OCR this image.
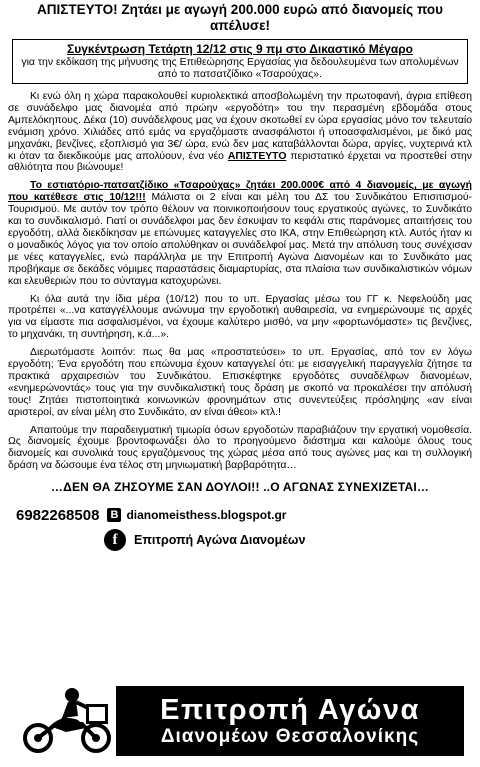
ΑΠΙΣΤΕΥΤΟ! Ζητάει με αγωγή 200.000 ευρώ από διανομείς που απέλυσε!
Συγκέντρωση Τετάρτη 12/12 στις 9 πμ στο Δικαστικό Μέγαρο
για την εκδίκαση της μήνυσης της Επιθεώρησης Εργασίας για δεδουλευμένα των απολυμένων από το πατσατζίδικο «Τσαρούχας».

Κι ενώ όλη η χώρα παρακολουθεί κυριολεκτικά αποσβολωμένη την πρωτοφανή, άγρια επίθεση σε συνάδελφο μας διανομέα από πρώην «εργοδότη» του την περασμένη εβδομάδα στους Αμπελόκηπους. Δέκα (10) συνάδελφους μας να έχουν σκοτωθεί εν ώρα εργασίας μόνο τον τελευταίο ενάμιση χρόνο. Χιλιάδες από εμάς να εργαζόμαστε ανασφάλιστοι ή υποασφαλισμένοι, με δικό μας μηχανάκι, βενζίνες, εξοπλισμό για 3€/ ώρα, ενώ δεν μας καταβάλλονται δώρα, αργίες, νυχτερινά κτλ κι όταν τα διεκδικούμε μας απολύουν, ένα νέο ΑΠΙΣΤΕΥΤΟ περιστατικό έρχεται να προστεθεί στην αθλιότητα που βιώνουμε!

Το εστιατόριο-πατσατζίδικο «Τσαρούχας» ζητάει 200.000€ από 4 διανομείς, με αγωγή που κατέθεσε στις 10/12!!! Μάλιστα οι 2 είναι και μέλη του ΔΣ του Συνδικάτου Επισιτισμού-Τουρισμού. Με αυτόν τον τρόπο θέλουν να ποινικοποιήσουν τους εργατικούς αγώνες, το Συνδικάτο και το συνδικαλισμό. Γιατί οι συνάδελφοι μας δεν έσκυψαν το κεφάλι στις παράνομες απαιτήσεις του εργοδότη, αλλά διεκδίκησαν με επώνυμες καταγγελίες στο ΙΚΑ, στην Επιθεώρηση κτλ. Αυτός ήταν κι ο μοναδικός λόγος για τον οποίο απολύθηκαν οι συνάδελφοί μας. Μετά την απόλυση τους συνέχισαν με νέες καταγγελίες, ενώ παράλληλα με την Επιτροπή Αγώνα Διανομέων και το Συνδικάτο μας προβήκαμε σε δεκάδες νόμιμες παραστάσεις διαμαρτυρίας, στα πλαίσια των συνδικαλιστικών νόμων και ελευθεριών που το σύνταγμα κατοχυρώνει.

Κι όλα αυτά την ίδια μέρα (10/12) που το υπ. Εργασίας μέσω του ΓΓ κ. Νεφελούδη μας προτρέπει «...να καταγγέλλουμε ανώνυμα την εργοδοτική αυθαιρεσία, να ενημερώνουμε τις αρχές για να είμαστε πια ασφαλισμένοι, να έχουμε καλύτερο μισθό, να μην «φορτωνόμαστε» τις βενζίνες, το μηχανάκι, τη συντήρηση, κ.ά...».

Διερωτόμαστε λοιπόν: πως θα μας «προστατεύσει» το υπ. Εργασίας, από τον εν λόγω εργοδότη; Ένα εργοδότη που επώνυμα έχουν καταγγελεί ότι: με εισαγγελική παραγγελία ζήτησε τα πρακτικά αρχαιρεσιών του Συνδικάτου. Επισκέφτηκε εργοδότες συναδέλφων διανομέων, «ενημερώνοντάς» τους για την συνδικαλιστική τους δράση με σκοπό να προκαλέσει την απόλυσή τους! Ζητάει πιστοποιητικά κοινωνικών φρονημάτων στις συνεντεύξεις πρόσληψης «αν είναι αριστεροί, αν είναι μέλη στο Συνδικάτο, αν είναι άθεοι» κτλ.!

Απαιτούμε την παραδειγματική τιμωρία όσων εργοδοτών παραβιάζουν την εργατική νομοθεσία. Ως διανομείς έχουμε βροντοφωνάξει όλο το προηγούμενο διάστημα και καλούμε όλους τους διανομείς και συνολικά τους εργαζόμενους της χώρας μέσα από τους αγώνες μας και τη συλλογική δράση να δώσουμε ένα τέλος στη μηνιωματική βαρβαρότητα…

…ΔΕΝ ΘΑ ΖΗΣΟΥΜΕ ΣΑΝ ΔΟΥΛΟΙ!! ..Ο ΑΓΩΝΑΣ ΣΥΝΕΧΙΖΕΤΑΙ…
6982268508 B dianomeisthess.blogspot.gr
f	Επιτροπή Αγώνα Διανομέων
Επιτροπή Αγώνα
Διανομέων Θεσσαλονίκης
